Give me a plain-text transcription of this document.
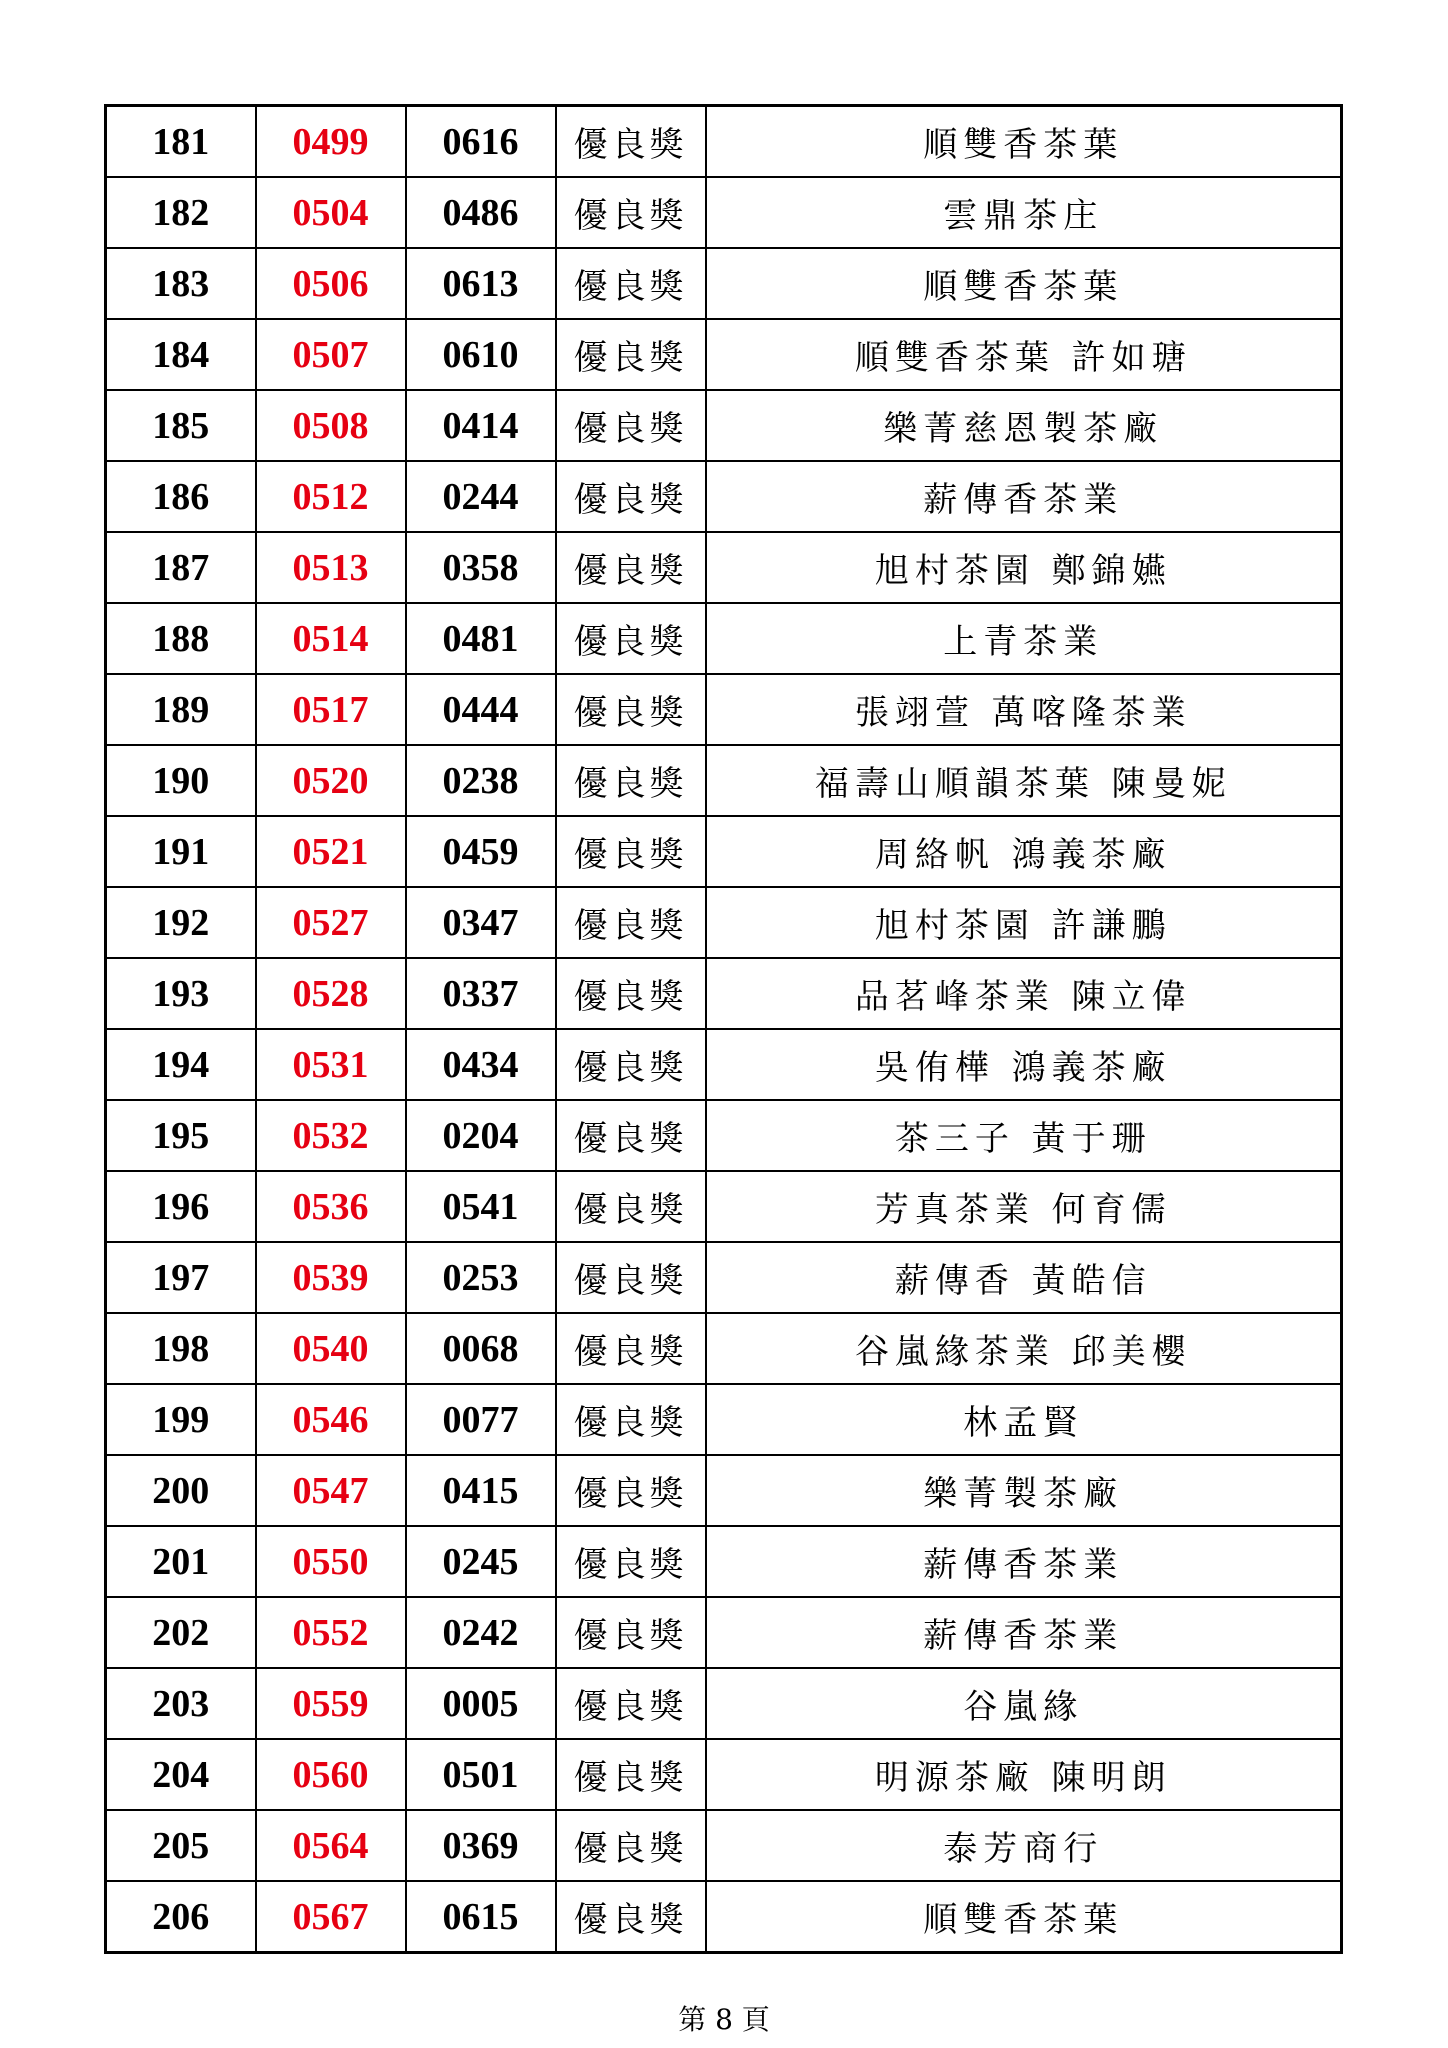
181	0499	0616	優良獎	順雙香茶葉
182	0504	0486	優良獎	雲鼎茶庄
183	0506	0613	優良獎	順雙香茶葉
184	0507	0610	優良獎	順雙香茶葉 許如瑭
185	0508	0414	優良獎	樂菁慈恩製茶廠
186	0512	0244	優良獎	薪傳香茶業
187	0513	0358	優良獎	旭村茶園 鄭錦嬿
188	0514	0481	優良獎	上青茶業
189	0517	0444	優良獎	張翊萱 萬喀隆茶業
190	0520	0238	優良獎	福壽山順韻茶葉 陳曼妮
191	0521	0459	優良獎	周絡帆 鴻義茶廠
192	0527	0347	優良獎	旭村茶園 許謙鵬
193	0528	0337	優良獎	品茗峰茶業 陳立偉
194	0531	0434	優良獎	吳侑樺 鴻義茶廠
195	0532	0204	優良獎	茶三子 黃于珊
196	0536	0541	優良獎	芳真茶業 何育儒
197	0539	0253	優良獎	薪傳香 黃皓信
198	0540	0068	優良獎	谷嵐緣茶業 邱美櫻
199	0546	0077	優良獎	林孟賢
200	0547	0415	優良獎	樂菁製茶廠
201	0550	0245	優良獎	薪傳香茶業
202	0552	0242	優良獎	薪傳香茶業
203	0559	0005	優良獎	谷嵐緣
204	0560	0501	優良獎	明源茶廠 陳明朗
205	0564	0369	優良獎	泰芳商行
206	0567	0615	優良獎	順雙香茶葉
第 8 頁
